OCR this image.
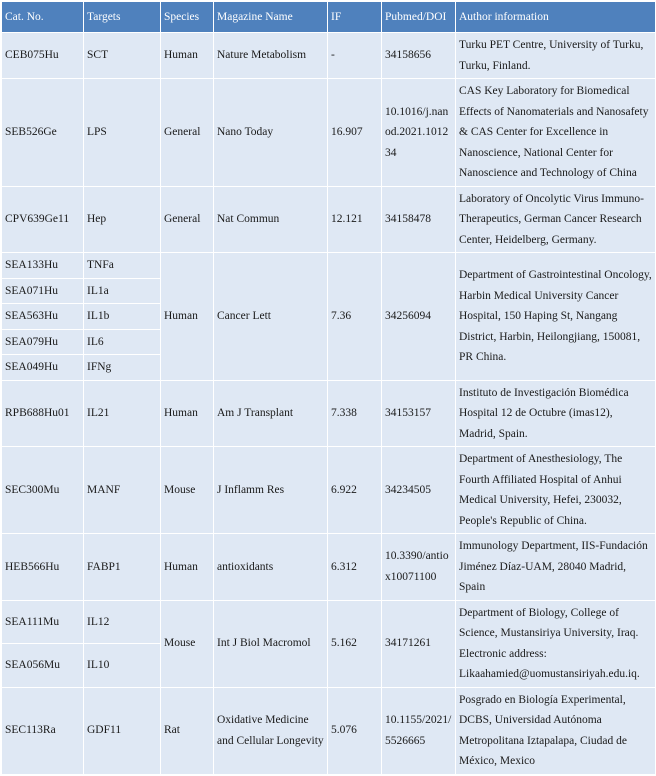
Cat. No.	Targets	Species	Magazine Name	IF	Pubmed/DOI	Author information
CEB075Hu	SCT	Human	Nature Metabolism	-	34158656	Turku PET Centre, University of Turku, Turku, Finland.
SEB526Ge	LPS	General	Nano Today	16.907	10.1016/j.nanod.2021.101234	CAS Key Laboratory for Biomedical Effects of Nanomaterials and Nanosafety & CAS Center for Excellence in Nanoscience, National Center for Nanoscience and Technology of China
CPV639Ge11	Hep	General	Nat Commun	12.121	34158478	Laboratory of Oncolytic Virus Immuno-Therapeutics, German Cancer Research Center, Heidelberg, Germany.
SEA133Hu	TNFa	Human	Cancer Lett	7.36	34256094	Department of Gastrointestinal Oncology, Harbin Medical University Cancer Hospital, 150 Haping St, Nangang District, Harbin, Heilongjiang, 150081, PR China.
SEA071Hu	IL1a					
SEA563Hu	IL1b					
SEA079Hu	IL6					
SEA049Hu	IFNg					
RPB688Hu01	IL21	Human	Am J Transplant	7.338	34153157	Instituto de Investigación Biomédica Hospital 12 de Octubre (imas12), Madrid, Spain.
SEC300Mu	MANF	Mouse	J Inflamm Res	6.922	34234505	Department of Anesthesiology, The Fourth Affiliated Hospital of Anhui Medical University, Hefei, 230032, People's Republic of China.
HEB566Hu	FABP1	Human	antioxidants	6.312	10.3390/antiox10071100	Immunology Department, IIS-Fundación Jiménez Díaz-UAM, 28040 Madrid, Spain
SEA111Mu	IL12	Mouse	Int J Biol Macromol	5.162	34171261	Department of Biology, College of Science, Mustansiriya University, Iraq. Electronic address: Likaahamied@uomustansiriyah.edu.iq.
SEA056Mu	IL10					
SEC113Ra	GDF11	Rat	Oxidative Medicine and Cellular Longevity	5.076	10.1155/2021/5526665	Posgrado en Biología Experimental, DCBS, Universidad Autónoma Metropolitana Iztapalapa, Ciudad de México, Mexico
